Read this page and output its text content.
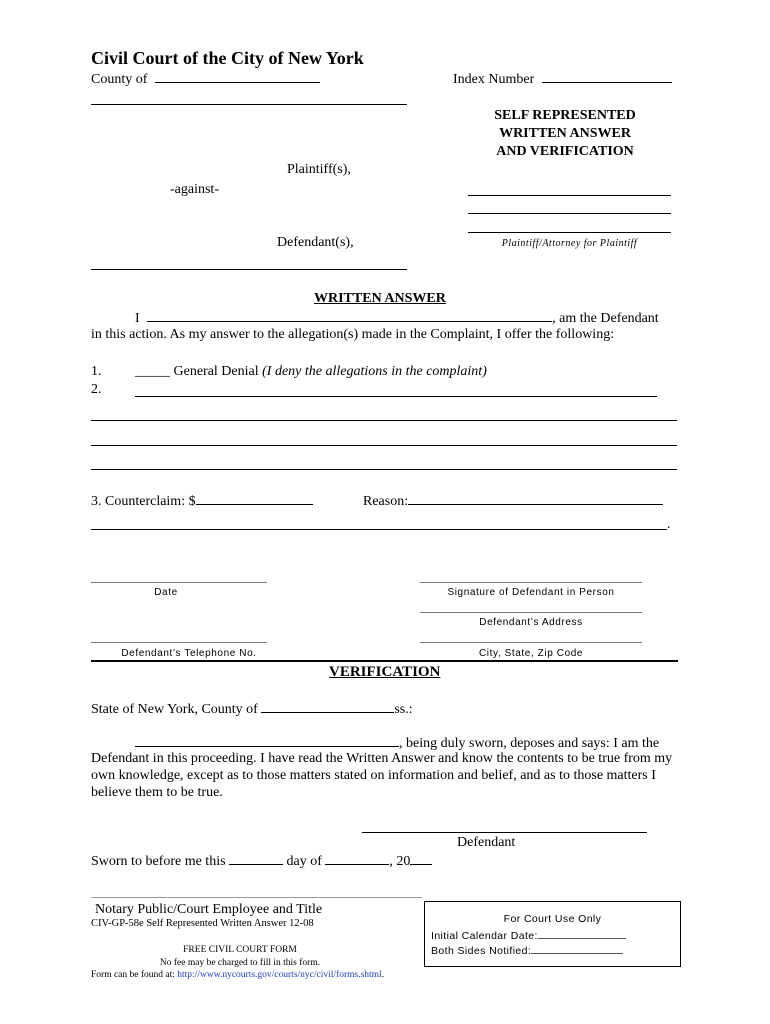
Civil Court of the City of New York
County of	Index Number
Plaintiff(s),
-against-
Defendant(s),
SELF REPRESENTED
WRITTEN ANSWER
AND VERIFICATION
Plaintiff/Attorney for Plaintiff
WRITTEN ANSWER
I	, am the Defendant
in this action. As my answer to the allegation(s) made in the Complaint, I offer the following:
1. _____ General Denial (I deny the allegations in the complaint)
2.
3. Counterclaim: $	Reason:
.
Date	Signature of Defendant in Person
Defendant’s Address
Defendant’s Telephone No.	City, State, Zip Code
VERIFICATION
State of New York, County of	ss.:
, being duly sworn, deposes and says: I am the
Defendant in this proceeding. I have read the Written Answer and know the contents to be true from my
own knowledge, except as to those matters stated on information and belief, and as to those matters I
believe them to be true.
Defendant
Sworn to before me this	day of	, 20
Notary Public/Court Employee and Title
CIV-GP-58e Self Represented Written Answer 12-08
FREE CIVIL COURT FORM
No fee may be charged to fill in this form.
Form can be found at: http://www.nycourts.gov/courts/nyc/civil/forms.shtml.
For Court Use Only
Initial Calendar Date:
Both Sides Notified:
